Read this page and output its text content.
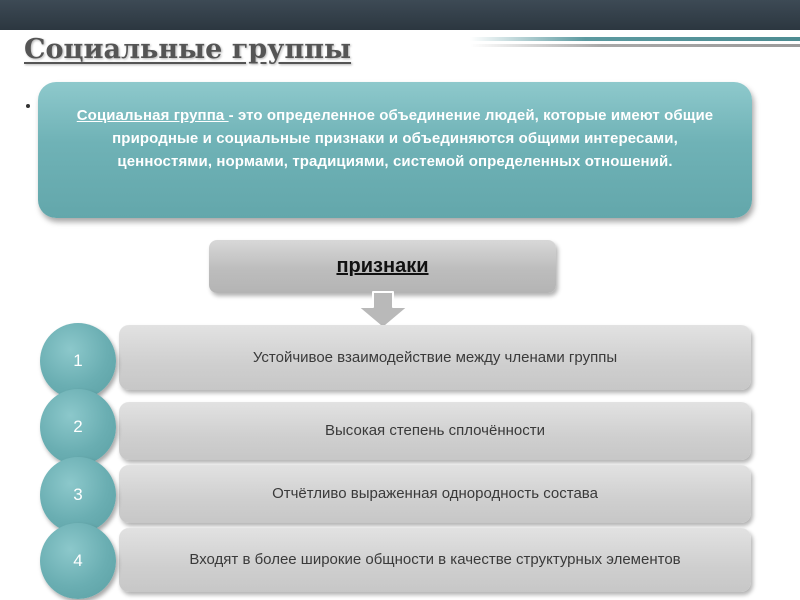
Социальные группы
Социальная группа - это определенное объединение людей, которые имеют общие природные и социальные признаки и объединяются общими интересами, ценностями, нормами, традициями, системой определенных отношений.
признаки
Устойчивое взаимодействие между членами группы
Высокая степень сплочённости
Отчётливо выраженная однородность состава
Входят в более широкие общности в качестве структурных элементов
1
2
3
4
